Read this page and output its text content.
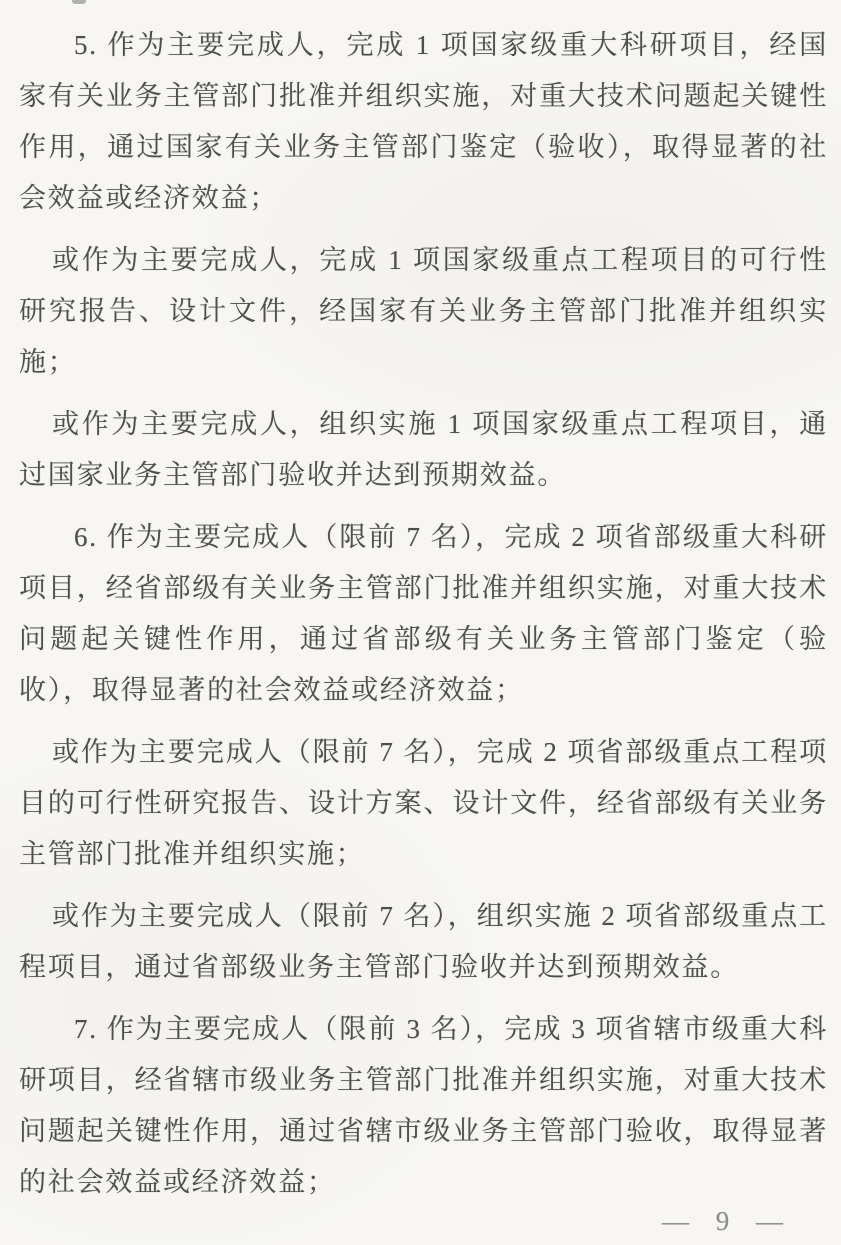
5. 作为主要完成人，完成 1 项国家级重大科研项目，经国家有关业务主管部门批准并组织实施，对重大技术问题起关键性作用，通过国家有关业务主管部门鉴定（验收），取得显著的社会效益或经济效益；

或作为主要完成人，完成 1 项国家级重点工程项目的可行性研究报告、设计文件，经国家有关业务主管部门批准并组织实施；

或作为主要完成人，组织实施 1 项国家级重点工程项目，通过国家业务主管部门验收并达到预期效益。

6. 作为主要完成人（限前 7 名），完成 2 项省部级重大科研项目，经省部级有关业务主管部门批准并组织实施，对重大技术问题起关键性作用，通过省部级有关业务主管部门鉴定（验收），取得显著的社会效益或经济效益；

或作为主要完成人（限前 7 名），完成 2 项省部级重点工程项目的可行性研究报告、设计方案、设计文件，经省部级有关业务主管部门批准并组织实施；

或作为主要完成人（限前 7 名），组织实施 2 项省部级重点工程项目，通过省部级业务主管部门验收并达到预期效益。

7. 作为主要完成人（限前 3 名），完成 3 项省辖市级重大科研项目，经省辖市级业务主管部门批准并组织实施，对重大技术问题起关键性作用，通过省辖市级业务主管部门验收，取得显著的社会效益或经济效益；

— 9 —
